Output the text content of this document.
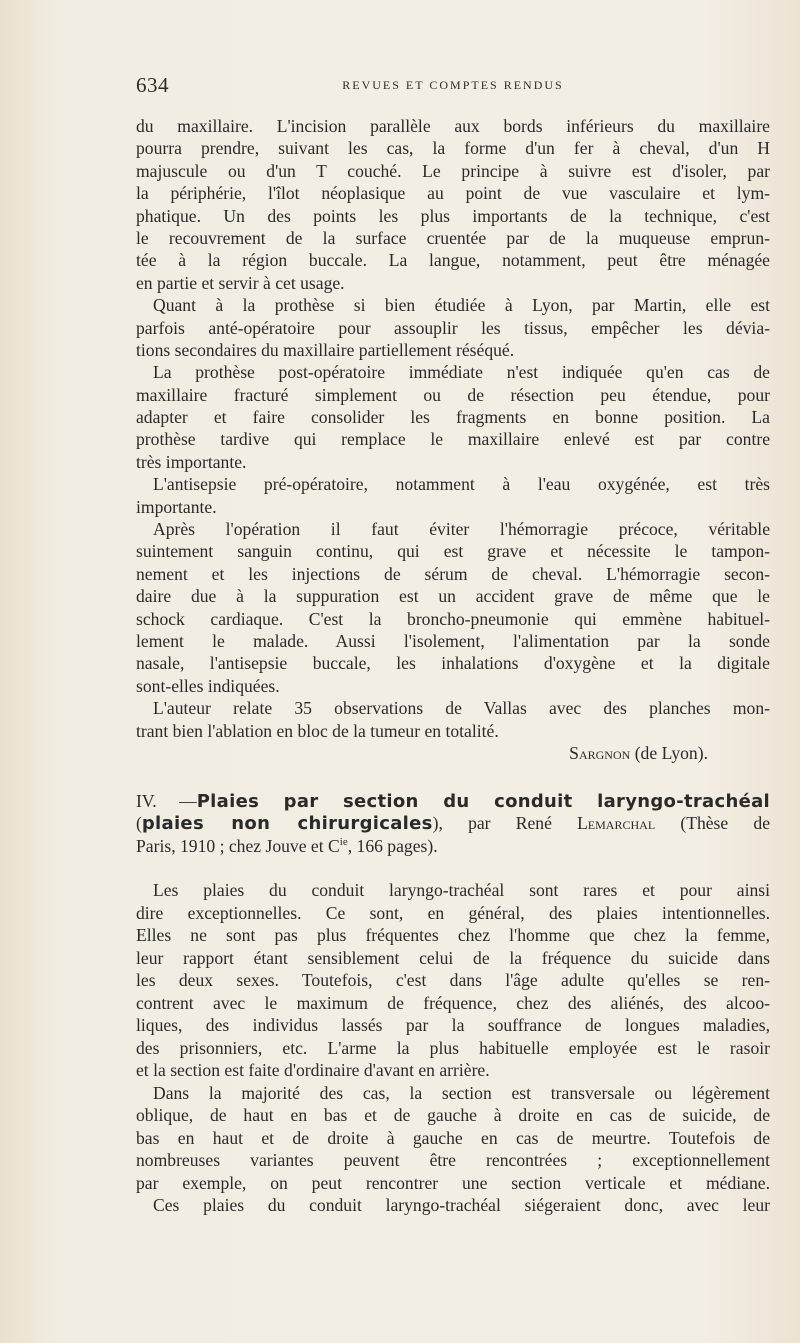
634	REVUES ET COMPTES RENDUS
du maxillaire. L'incision parallèle aux bords inférieurs du maxillaire
pourra prendre, suivant les cas, la forme d'un fer à cheval, d'un H
majuscule ou d'un T couché. Le principe à suivre est d'isoler, par
la périphérie, l'îlot néoplasique au point de vue vasculaire et lym-
phatique. Un des points les plus importants de la technique, c'est
le recouvrement de la surface cruentée par de la muqueuse emprun-
tée à la région buccale. La langue, notamment, peut être ménagée
en partie et servir à cet usage.
Quant à la prothèse si bien étudiée à Lyon, par Martin, elle est
parfois anté-opératoire pour assouplir les tissus, empêcher les dévia-
tions secondaires du maxillaire partiellement réséqué.
La prothèse post-opératoire immédiate n'est indiquée qu'en cas de
maxillaire fracturé simplement ou de résection peu étendue, pour
adapter et faire consolider les fragments en bonne position. La
prothèse tardive qui remplace le maxillaire enlevé est par contre
très importante.
L'antisepsie pré-opératoire, notamment à l'eau oxygénée, est très
importante.
Après l'opération il faut éviter l'hémorragie précoce, véritable
suintement sanguin continu, qui est grave et nécessite le tampon-
nement et les injections de sérum de cheval. L'hémorragie secon-
daire due à la suppuration est un accident grave de même que le
schock cardiaque. C'est la broncho-pneumonie qui emmène habituel-
lement le malade. Aussi l'isolement, l'alimentation par la sonde
nasale, l'antisepsie buccale, les inhalations d'oxygène et la digitale
sont-elles indiquées.
L'auteur relate 35 observations de Vallas avec des planches mon-
trant bien l'ablation en bloc de la tumeur en totalité.
Sargnon (de Lyon).
IV. —Plaies par section du conduit laryngo-trachéal
(plaies non chirurgicales), par René Lemarchal (Thèse de
Paris, 1910 ; chez Jouve et $C^{ie}$, 166 pages).
Les plaies du conduit laryngo-trachéal sont rares et pour ainsi
dire exceptionnelles. Ce sont, en général, des plaies intentionnelles.
Elles ne sont pas plus fréquentes chez l'homme que chez la femme,
leur rapport étant sensiblement celui de la fréquence du suicide dans
les deux sexes. Toutefois, c'est dans l'âge adulte qu'elles se ren-
contrent avec le maximum de fréquence, chez des aliénés, des alcoo-
liques, des individus lassés par la souffrance de longues maladies,
des prisonniers, etc. L'arme la plus habituelle employée est le rasoir
et la section est faite d'ordinaire d'avant en arrière.
Dans la majorité des cas, la section est transversale ou légèrement
oblique, de haut en bas et de gauche à droite en cas de suicide, de
bas en haut et de droite à gauche en cas de meurtre. Toutefois de
nombreuses variantes peuvent être rencontrées ; exceptionnellement
par exemple, on peut rencontrer une section verticale et médiane.
Ces plaies du conduit laryngo-trachéal siégeraient donc, avec leur
